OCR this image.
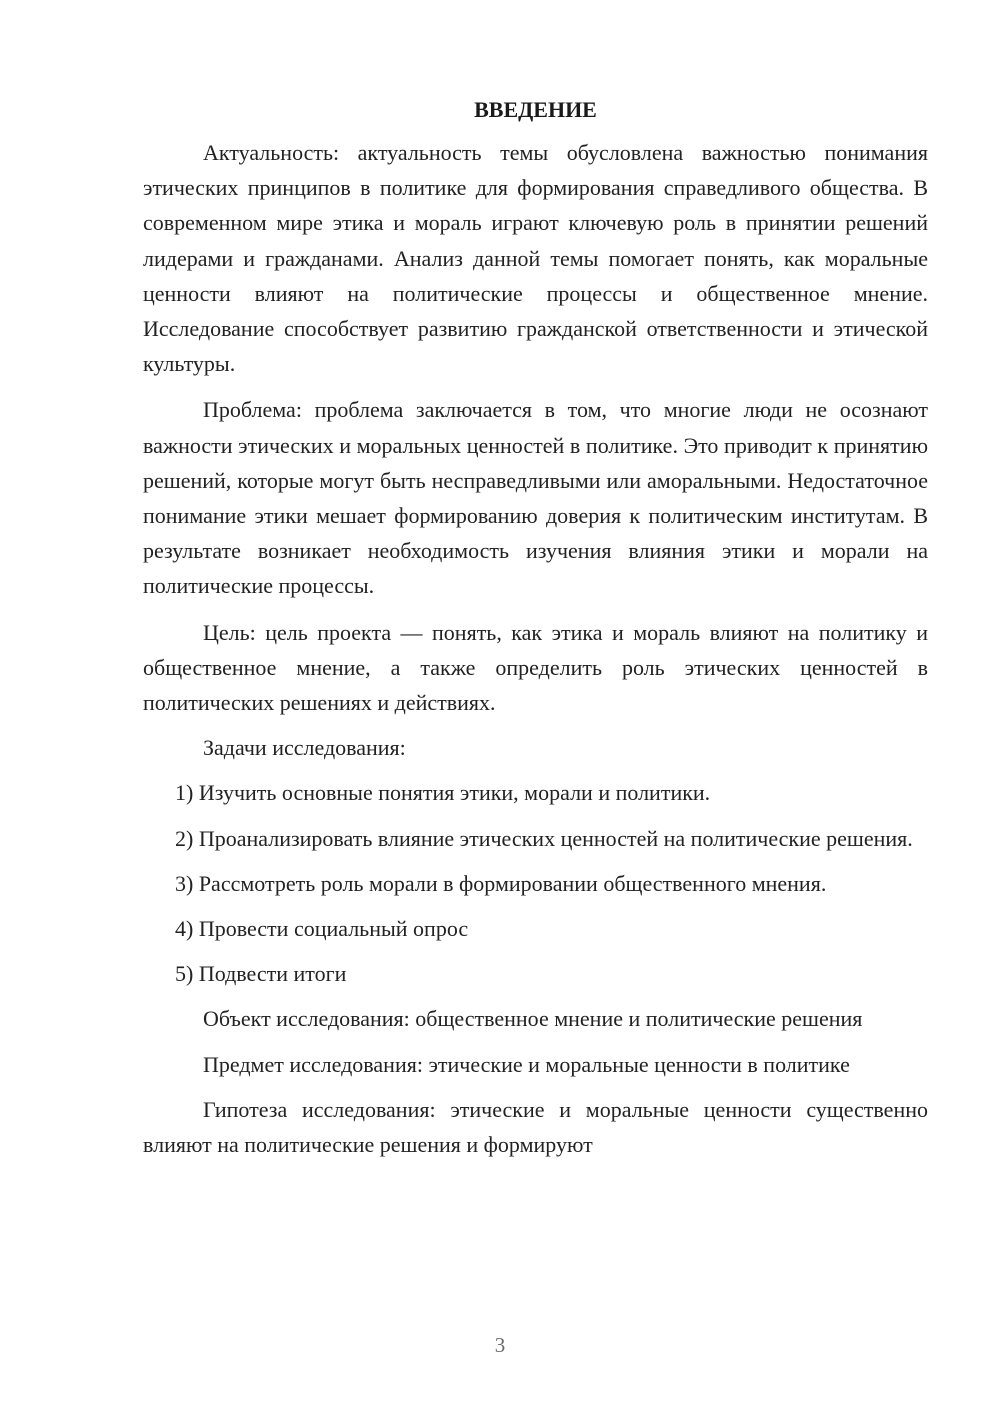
ВВЕДЕНИЕ

Актуальность: актуальность темы обусловлена важностью понимания этических принципов в политике для формирования справедливого общества. В современном мире этика и мораль играют ключевую роль в принятии решений лидерами и гражданами. Анализ данной темы помогает понять, как моральные ценности влияют на политические процессы и общественное мнение. Исследование способствует развитию гражданской ответственности и этической культуры.

Проблема: проблема заключается в том, что многие люди не осознают важности этических и моральных ценностей в политике. Это приводит к принятию решений, которые могут быть несправедливыми или аморальными. Недостаточное понимание этики мешает формированию доверия к политическим институтам. В результате возникает необходимость изучения влияния этики и морали на политические процессы.

Цель: цель проекта — понять, как этика и мораль влияют на политику и общественное мнение, а также определить роль этических ценностей в политических решениях и действиях.

Задачи исследования:

1) Изучить основные понятия этики, морали и политики.

2) Проанализировать влияние этических ценностей на политические решения.

3) Рассмотреть роль морали в формировании общественного мнения.

4) Провести социальный опрос

5) Подвести итоги

Объект исследования: общественное мнение и политические решения

Предмет исследования: этические и моральные ценности в политике

Гипотеза исследования: этические и моральные ценности существенно влияют на политические решения и формируют

3
